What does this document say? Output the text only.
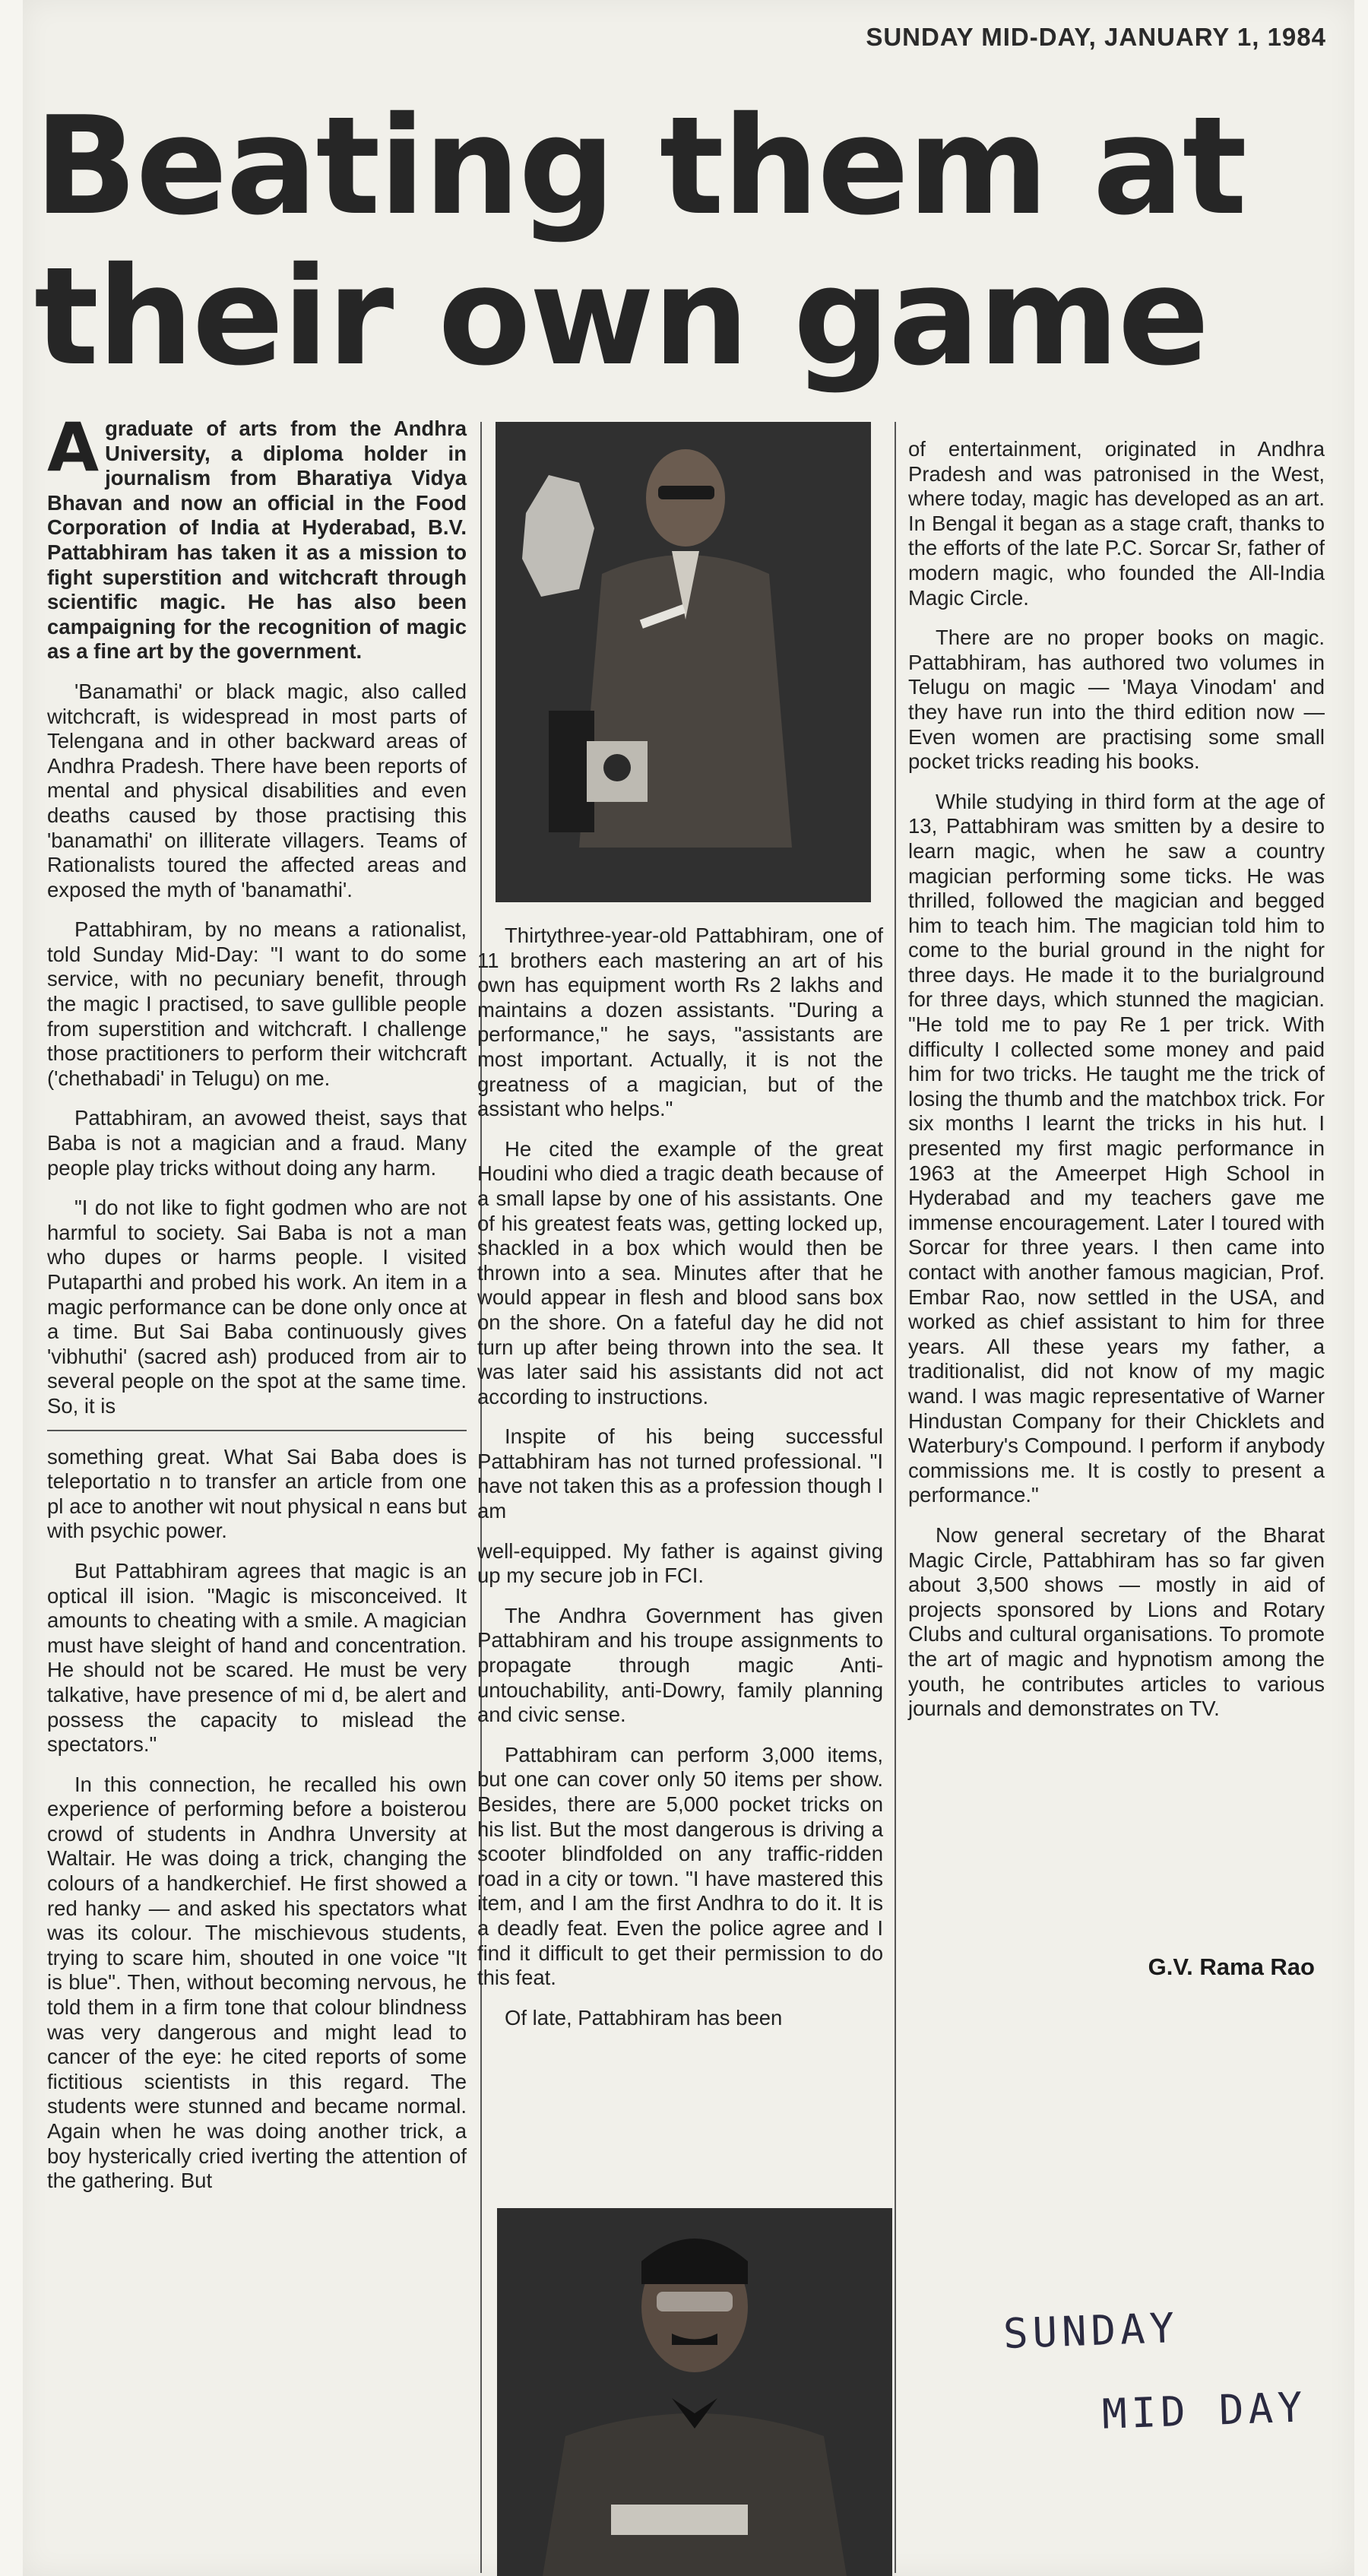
SUNDAY MID-DAY, JANUARY 1, 1984
Beating them at
their own game

Agraduate of arts from the Andhra University, a diploma holder in journalism from Bharatiya Vidya Bhavan and now an official in the Food Corporation of India at Hyderabad, B.V. Pattabhiram has taken it as a mission to fight superstition and witchcraft through scientific magic. He has also been campaigning for the recognition of magic as a fine art by the government.

'Banamathi' or black magic, also called witchcraft, is widespread in most parts of Telengana and in other backward areas of Andhra Pradesh. There have been reports of mental and physical disabilities and even deaths caused by those practising this 'banamathi' on illiterate villagers. Teams of Rationalists toured the affected areas and exposed the myth of 'banamathi'.

Pattabhiram, by no means a rationalist, told Sunday Mid-Day: "I want to do some service, with no pecuniary benefit, through the magic I practised, to save gullible people from superstition and witchcraft. I challenge those practitioners to perform their witchcraft ('chethabadi' in Telugu) on me.

Pattabhiram, an avowed theist, says that Baba is not a magician and a fraud. Many people play tricks without doing any harm.

"I do not like to fight godmen who are not harmful to society. Sai Baba is not a man who dupes or harms people. I visited Putaparthi and probed his work. An item in a magic performance can be done only once at a time. But Sai Baba continuously gives 'vibhuthi' (sacred ash) produced from air to several people on the spot at the same time. So, it is

something great. What Sai Baba does is teleportatio n to transfer an article from one pl ace to another wit nout physical n eans but with psychic power.

But Pattabhiram agrees that magic is an optical ill ision. "Magic is misconceived. It amounts to cheating with a smile. A magician must have sleight of hand and concentration. He should not be scared. He must be very talkative, have presence of mi d, be alert and possess the capacity to mislead the spectators."

In this connection, he recalled his own experience of performing before a boisterou crowd of students in Andhra Unversity at Waltair. He was doing a trick, changing the colours of a handkerchief. He first showed a red hanky — and asked his spectators what was its colour. The mischievous students, trying to scare him, shouted in one voice "It is blue". Then, without becoming nervous, he told them in a firm tone that colour blindness was very dangerous and might lead to cancer of the eye: he cited reports of some fictitious scientists in this regard. The students were stunned and became normal. Again when he was doing another trick, a boy hysterically cried iverting the attention of the gathering. But

Thirtythree-year-old Pattabhiram, one of 11 brothers each mastering an art of his own has equipment worth Rs 2 lakhs and maintains a dozen assistants. "During a performance," he says, "assistants are most important. Actually, it is not the greatness of a magician, but of the assistant who helps."

He cited the example of the great Houdini who died a tragic death because of a small lapse by one of his assistants. One of his greatest feats was, getting locked up, shackled in a box which would then be thrown into a sea. Minutes after that he would appear in flesh and blood sans box on the shore. On a fateful day he did not turn up after being thrown into the sea. It was later said his assistants did not act according to instructions.

Inspite of his being successful Pattabhiram has not turned professional. "I have not taken this as a profession though I am

well-equipped. My father is against giving up my secure job in FCI.

The Andhra Government has given Pattabhiram and his troupe assignments to propagate through magic Anti-untouchability, anti-Dowry, family planning and civic sense.

Pattabhiram can perform 3,000 items, but one can cover only 50 items per show. Besides, there are 5,000 pocket tricks on his list. But the most dangerous is driving a scooter blindfolded on any traffic-ridden road in a city or town. "I have mastered this item, and I am the first Andhra to do it. It is a deadly feat. Even the police agree and I find it difficult to get their permission to do this feat.

Of late, Pattabhiram has been

of entertainment, originated in Andhra Pradesh and was patronised in the West, where today, magic has developed as an art. In Bengal it began as a stage craft, thanks to the efforts of the late P.C. Sorcar Sr, father of modern magic, who founded the All-India Magic Circle.

There are no proper books on magic. Pattabhiram, has authored two volumes in Telugu on magic — 'Maya Vinodam' and they have run into the third edition now — Even women are practising some small pocket tricks reading his books.

While studying in third form at the age of 13, Pattabhiram was smitten by a desire to learn magic, when he saw a country magician performing some ticks. He was thrilled, followed the magician and begged him to teach him. The magician told him to come to the burial ground in the night for three days. He made it to the burialground for three days, which stunned the magician. "He told me to pay Re 1 per trick. With difficulty I collected some money and paid him for two tricks. He taught me the trick of losing the thumb and the matchbox trick. For six months I learnt the tricks in his hut. I presented my first magic performance in 1963 at the Ameerpet High School in Hyderabad and my teachers gave me immense encouragement. Later I toured with Sorcar for three years. I then came into contact with another famous magician, Prof. Embar Rao, now settled in the USA, and worked as chief assistant to him for three years. All these years my father, a traditionalist, did not know of my magic wand. I was magic representative of Warner Hindustan Company for their Chicklets and Waterbury's Compound. I perform if anybody commissions me. It is costly to present a performance."

Now general secretary of the Bharat Magic Circle, Pattabhiram has so far given about 3,500 shows — mostly in aid of projects sponsored by Lions and Rotary Clubs and cultural organisations. To promote the art of magic and hypnotism among the youth, he contributes articles to various journals and demonstrates on TV.

G.V. Rama Rao
SUNDAY
MID DAY
